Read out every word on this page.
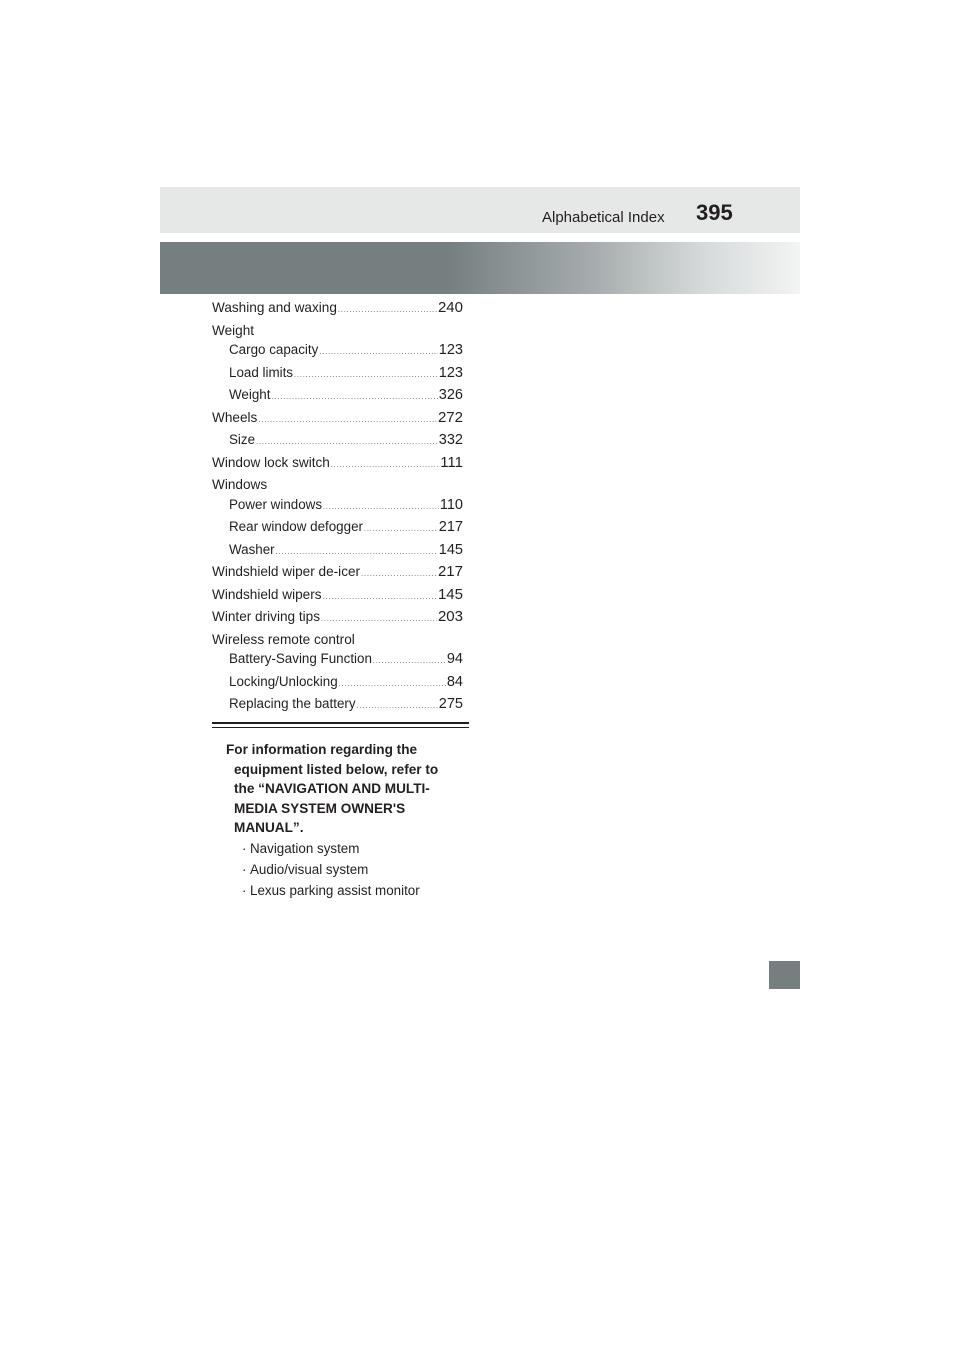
Alphabetical Index 395
Washing and waxing .....	240
Weight
Cargo capacity .....	123
Load limits .....	123
Weight .....	326
Wheels .....	272
Size .....	332
Window lock switch .....	111
Windows
Power windows .....	110
Rear window defogger .....	217
Washer .....	145
Windshield wiper de-icer .....	217
Windshield wipers .....	145
Winter driving tips .....	203
Wireless remote control
Battery-Saving Function .....	94
Locking/Unlocking .....	84
Replacing the battery .....	275
For information regarding the
equipment listed below, refer to
the “NAVIGATION AND MULTI-
MEDIA SYSTEM OWNER'S
MANUAL”.
· Navigation system
· Audio/visual system
· Lexus parking assist monitor
